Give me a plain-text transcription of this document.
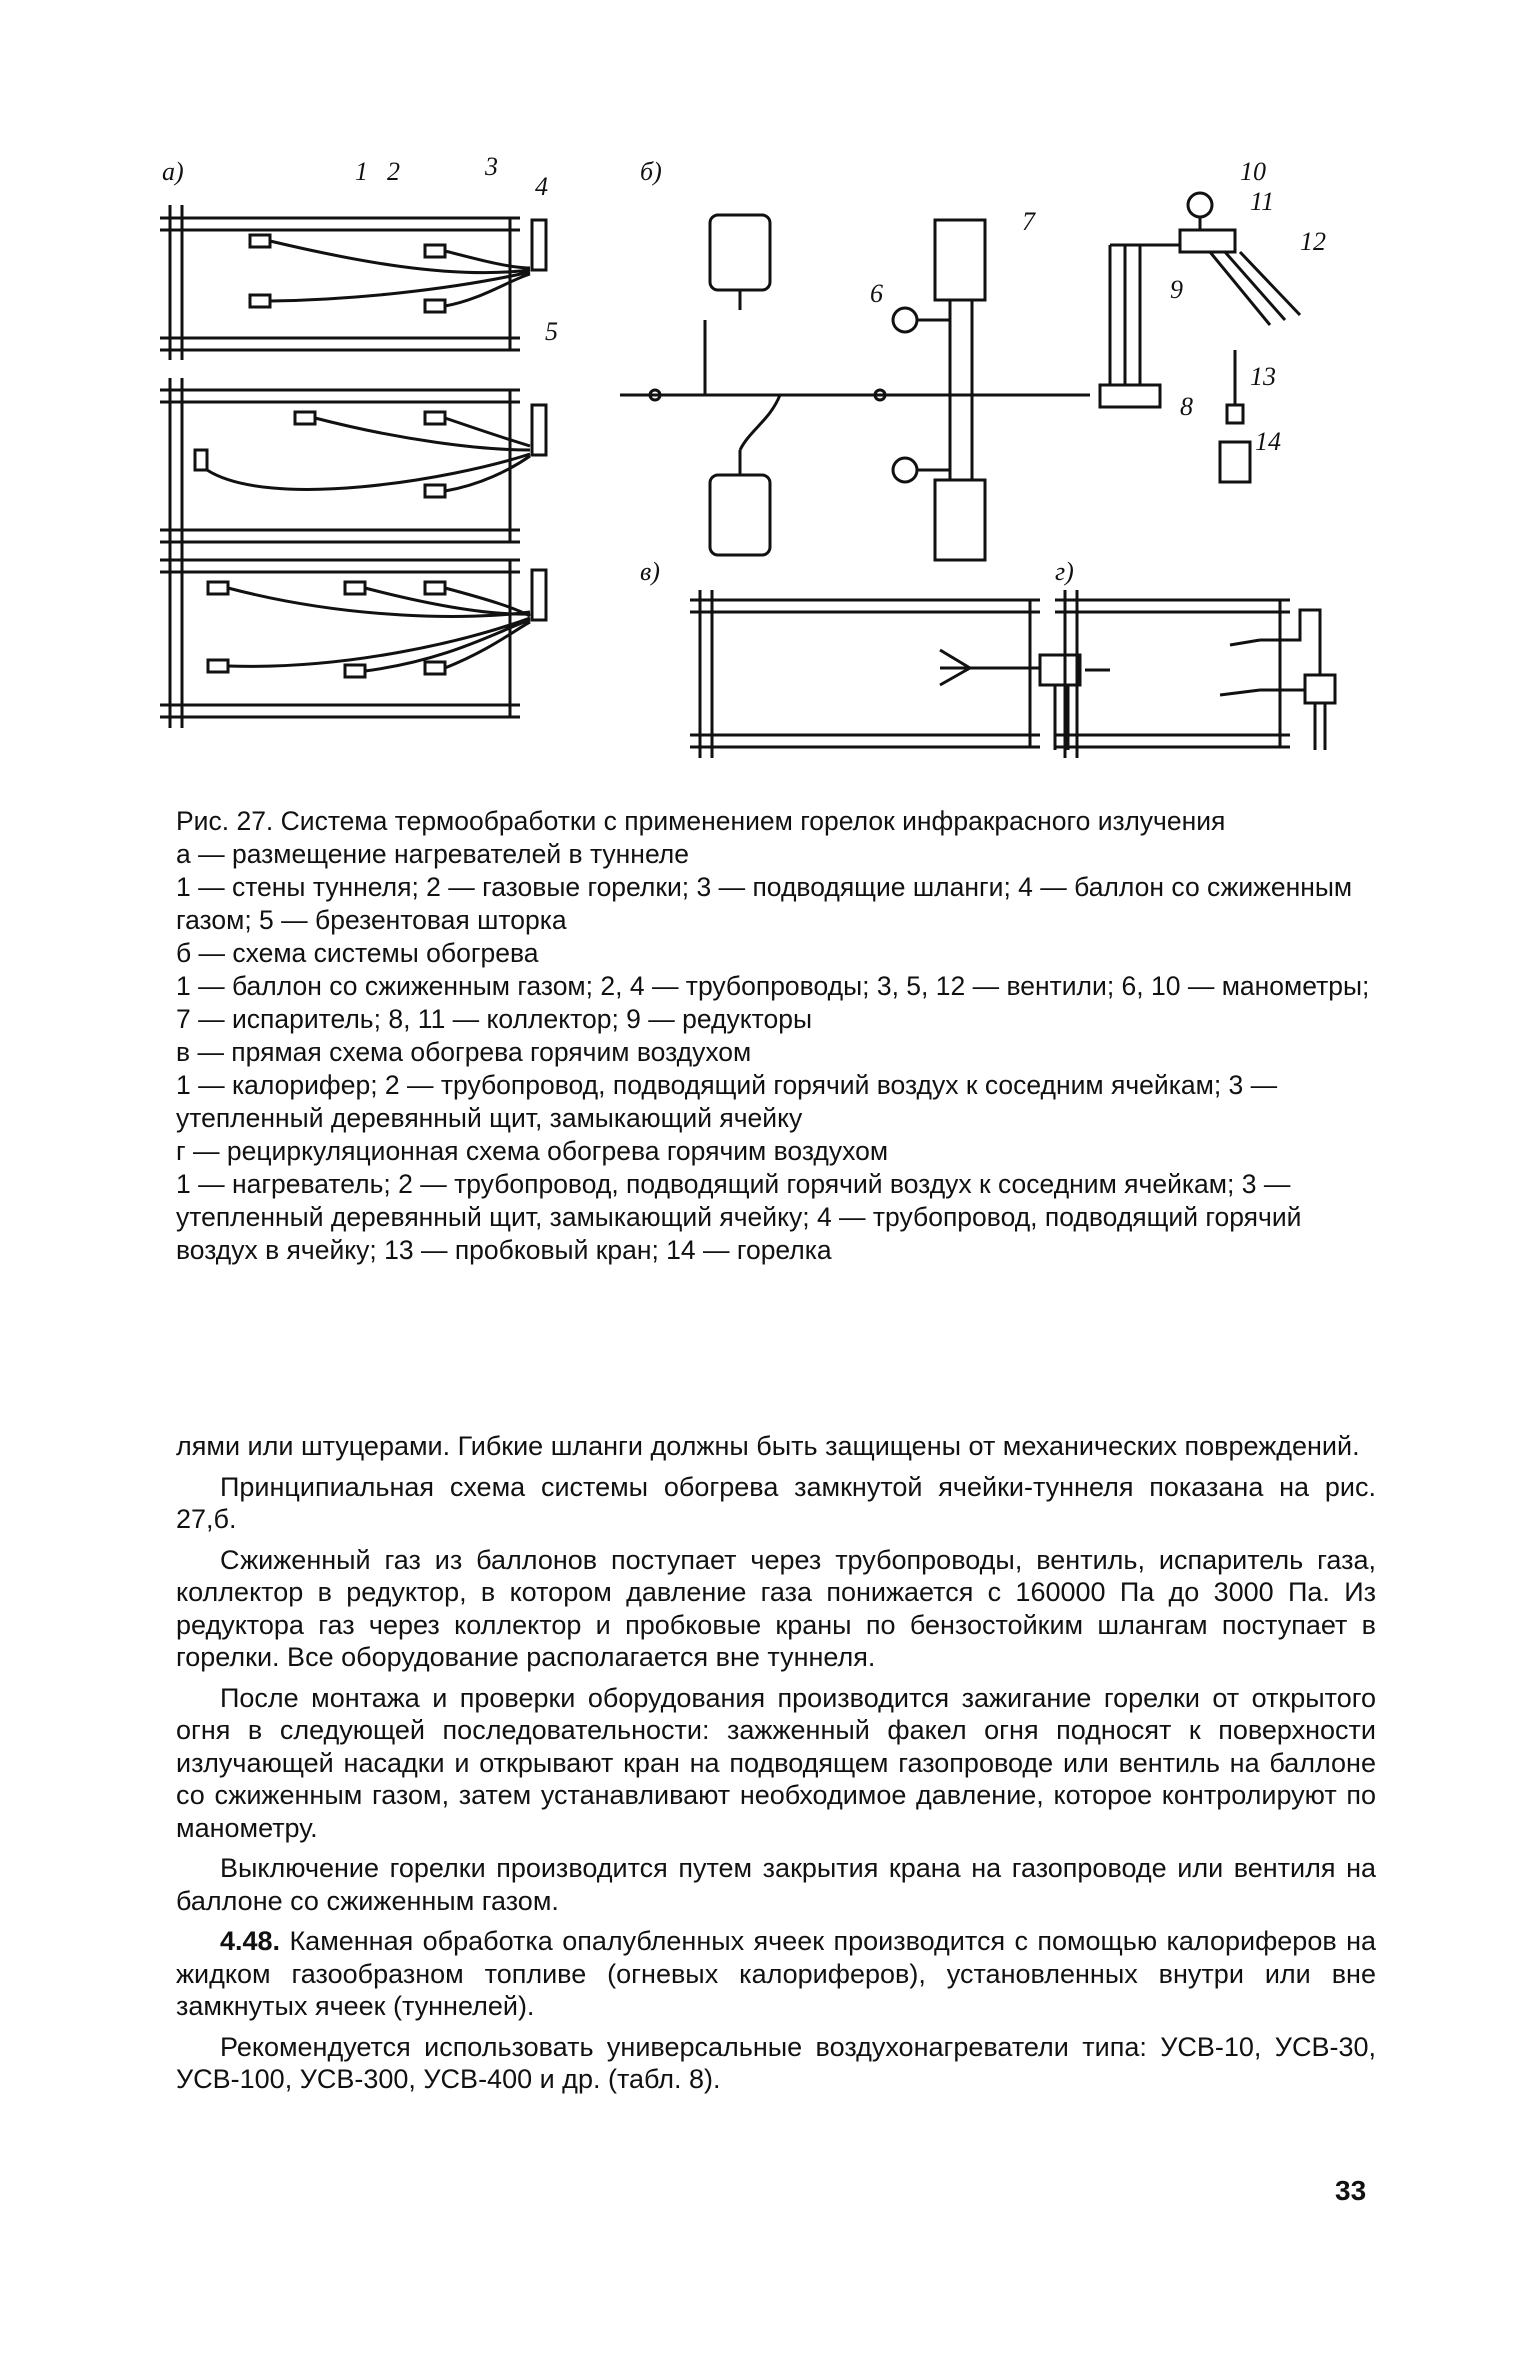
а)	б)
в)	г)
1 2	3
4
5
6
7
8
9
10
11
12
13
14

Рис. 27. Система термообработки с применением горелок инфракрасного излучения

а — размещение нагревателей в туннеле

1 — стены туннеля; 2 — газовые горелки; 3 — подводящие шланги; 4 — баллон со сжиженным газом; 5 — брезентовая шторка

б — схема системы обогрева

1 — баллон со сжиженным газом; 2, 4 — трубопроводы; 3, 5, 12 — вентили; 6, 10 — манометры; 7 — испаритель; 8, 11 — коллектор; 9 — редукторы

в — прямая схема обогрева горячим воздухом

1 — калорифер; 2 — трубопровод, подводящий горячий воздух к соседним ячейкам; 3 — утепленный деревянный щит, замыкающий ячейку

г — рециркуляционная схема обогрева горячим воздухом

1 — нагреватель; 2 — трубопровод, подводящий горячий воздух к соседним ячейкам; 3 — утепленный деревянный щит, замыкающий ячейку; 4 — трубопровод, подводящий горячий воздух в ячейку; 13 — пробковый кран; 14 — горелка

лями или штуцерами. Гибкие шланги должны быть защищены от механических повреждений.

Принципиальная схема системы обогрева замкнутой ячейки-туннеля показана на рис. 27,б.

Сжиженный газ из баллонов поступает через трубопроводы, вентиль, испаритель газа, коллектор в редуктор, в котором давление газа понижается с 160000 Па до 3000 Па. Из редуктора газ через коллектор и пробковые краны по бензостойким шлангам поступает в горелки. Все оборудование располагается вне туннеля.

После монтажа и проверки оборудования производится зажигание горелки от открытого огня в следующей последовательности: зажженный факел огня подносят к поверхности излучающей насадки и открывают кран на подводящем газопроводе или вентиль на баллоне со сжиженным газом, затем устанавливают необходимое давление, которое контролируют по манометру.

Выключение горелки производится путем закрытия крана на газопроводе или вентиля на баллоне со сжиженным газом.

4.48. Каменная обработка опалубленных ячеек производится с помощью калориферов на жидком газообразном топливе (огневых калориферов), установленных внутри или вне замкнутых ячеек (туннелей).

Рекомендуется использовать универсальные воздухонагреватели типа: УСВ-10, УСВ-30, УСВ-100, УСВ-300, УСВ-400 и др. (табл. 8).

33
